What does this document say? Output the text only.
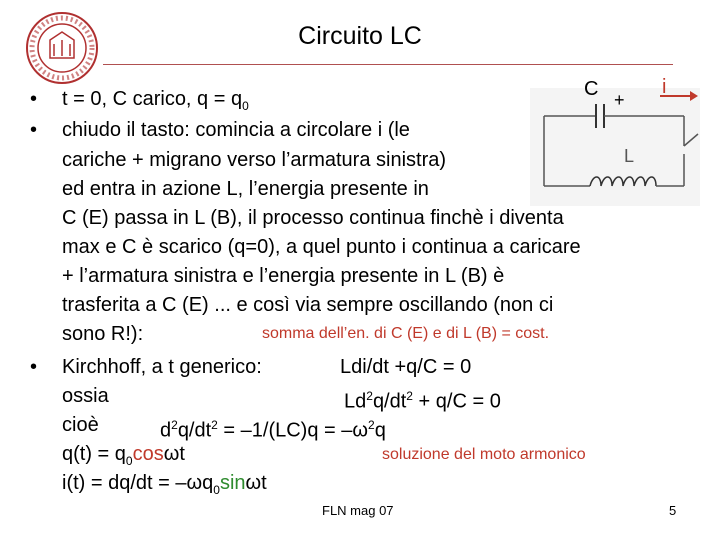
Circuito LC
C +
i
L
• t = 0, C carico, $q = q_0$
• chiudo il tasto: comincia a circolare i (le
cariche + migrano verso l’armatura sinistra)
ed entra in azione L, l’energia presente in
C (E) passa in L (B), il processo continua finchè i diventa
max e C è scarico (q=0), a quel punto i continua a caricare
+ l’armatura sinistra e l’energia presente in L (B) è
trasferita a C (E) ... e così via sempre oscillando (non ci
sono R!):	somma dell’en. di C (E) e di L (B) = cost.
• Kirchhoff, a t generico:	Ldi/dt +q/C = 0
ossia	$Ld^2q/dt^2 + q/C = 0$
cioè	$d^2q/dt^2 = -1/(LC)q = -\omega^2q$
$q(t) = q_0\cos\omega t$	soluzione del moto armonico
$i(t) = dq/dt = -\omega q_0\sin\omega t$
FLN mag 07	5
